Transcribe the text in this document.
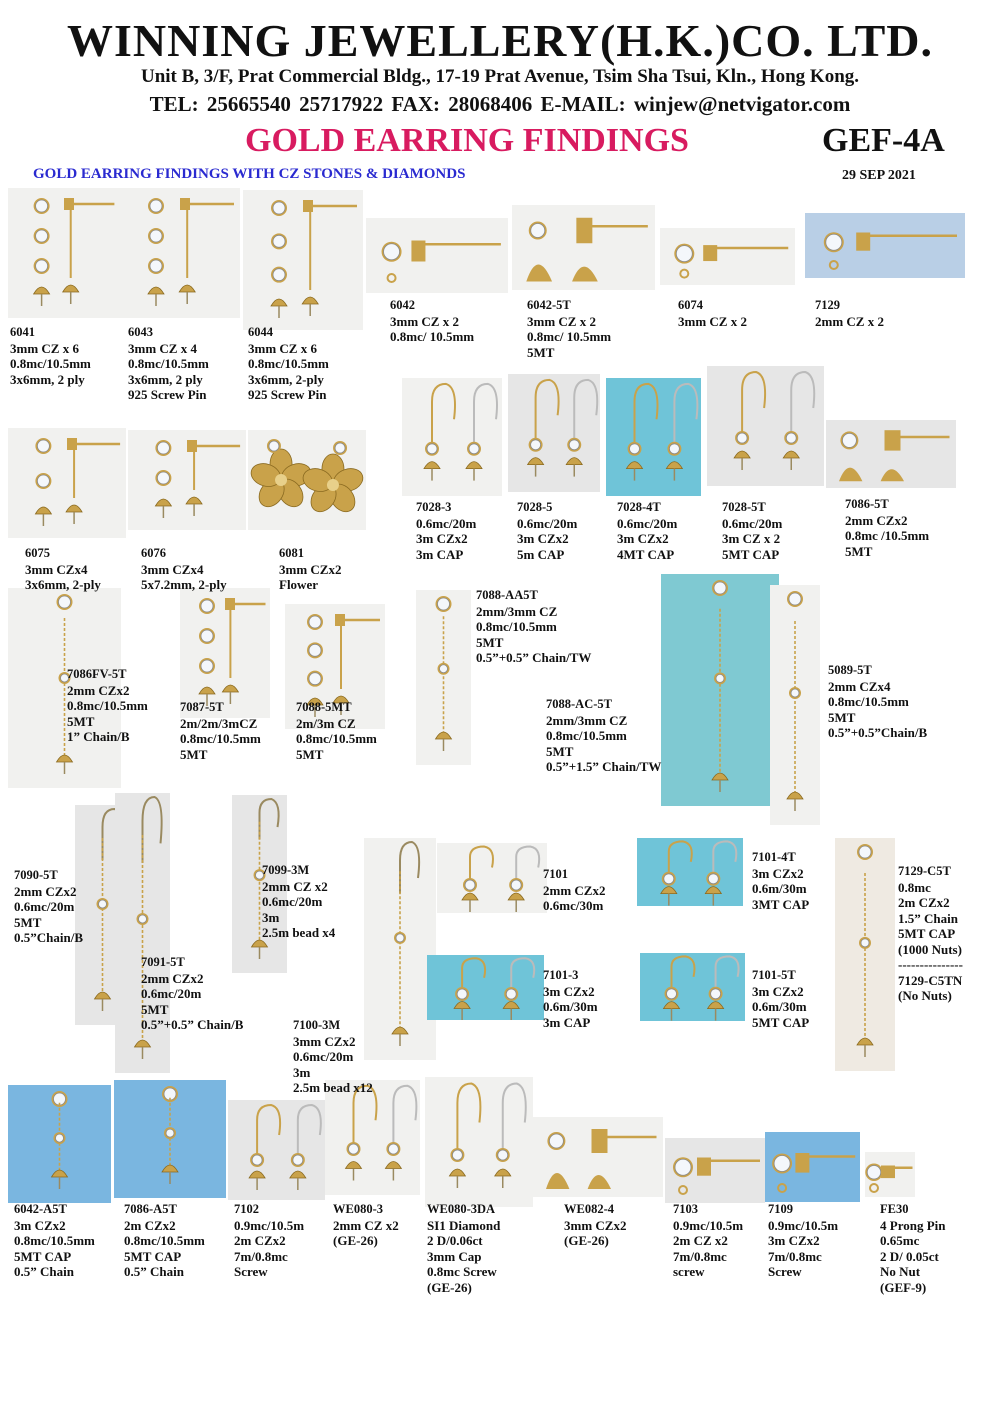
WINNING JEWELLERY(H.K.)CO. LTD.
Unit B, 3/F, Prat Commercial Bldg., 17-19 Prat Avenue, Tsim Sha Tsui, Kln., Hong Kong.
TEL: 25665540 25717922 FAX: 28068406 E-MAIL: winjew@netvigator.com
GOLD EARRING FINDINGS	GEF-4A
GOLD EARRING FINDINGS WITH CZ STONES & DIAMONDS	29 SEP 2021
6041
3mm CZ x 6
0.8mc/10.5mm
3x6mm, 2 ply
6043
3mm CZ x 4
0.8mc/10.5mm
3x6mm, 2 ply
925 Screw Pin
6044
3mm CZ x 6
0.8mc/10.5mm
3x6mm, 2-ply
925 Screw Pin
6042
3mm CZ x 2
0.8mc/ 10.5mm
6042-5T
3mm CZ x 2
0.8mc/ 10.5mm
5MT
6074
3mm CZ x 2
7129
2mm CZ x 2
6075
3mm CZx4
3x6mm, 2-ply
6076
3mm CZx4
5x7.2mm, 2-ply
6081
3mm CZx2
Flower
7028-3
0.6mc/20m
3m CZx2
3m CAP
7028-5
0.6mc/20m
3m CZx2
5m CAP
7028-4T
0.6mc/20m
3m CZx2
4MT CAP
7028-5T
0.6mc/20m
3m CZ x 2
5MT CAP
7086-5T
2mm CZx2
0.8mc /10.5mm
5MT
7086FV-5T
2mm CZx2
0.8mc/10.5mm
5MT
1” Chain/B
7087-5T
2m/2m/3mCZ
0.8mc/10.5mm
5MT
7088-5MT
2m/3m CZ
0.8mc/10.5mm
5MT
7088-AA5T
2mm/3mm CZ
0.8mc/10.5mm
5MT
0.5”+0.5” Chain/TW
7088-AC-5T
2mm/3mm CZ
0.8mc/10.5mm
5MT
0.5”+1.5” Chain/TW
5089-5T
2mm CZx4
0.8mc/10.5mm
5MT
0.5”+0.5”Chain/B
7090-5T
2mm CZx2
0.6mc/20m
5MT
0.5”Chain/B
7091-5T
2mm CZx2
0.6mc/20m
5MT
0.5”+0.5” Chain/B
7099-3M
2mm CZ x2
0.6mc/20m
3m
2.5m bead x4
7100-3M
3mm CZx2
0.6mc/20m
3m
2.5m bead x12
7101
2mm CZx2
0.6mc/30m
7101-4T
3m CZx2
0.6m/30m
3MT CAP
7101-3
3m CZx2
0.6m/30m
3m CAP
7101-5T
3m CZx2
0.6m/30m
5MT CAP
7129-C5T
0.8mc
2m CZx2
1.5” Chain
5MT CAP
(1000 Nuts)
---------------
7129-C5TN
(No Nuts)
6042-A5T
3m CZx2
0.8mc/10.5mm
5MT CAP
0.5” Chain
7086-A5T
2m CZx2
0.8mc/10.5mm
5MT CAP
0.5” Chain
7102
0.9mc/10.5m
2m CZx2
7m/0.8mc
Screw
WE080-3
2mm CZ x2
(GE-26)
WE080-3DA
SI1 Diamond
2 D/0.06ct
3mm Cap
0.8mc Screw
(GE-26)
WE082-4
3mm CZx2
(GE-26)
7103
0.9mc/10.5m
2m CZ x2
7m/0.8mc
screw
7109
0.9mc/10.5m
3m CZx2
7m/0.8mc
Screw
FE30
4 Prong Pin
0.65mc
2 D/ 0.05ct
No Nut
(GEF-9)
